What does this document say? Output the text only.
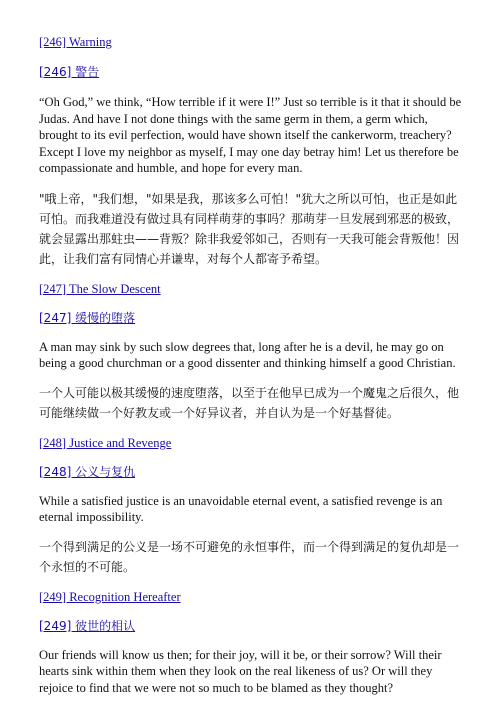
[246] Warning
[246] 警告

“Oh God,” we think, “How terrible if it were I!” Just so terrible is it that it should be Judas. And have I not done things with the same germ in them, a germ which, brought to its evil perfection, would have shown itself the cankerworm, treachery? Except I love my neighbor as myself, I may one day betray him! Let us therefore be compassionate and humble, and hope for every man.

"哦上帝，"我们想，"如果是我，那该多么可怕！"犹大之所以可怕，也正是如此可怕。而我难道没有做过具有同样萌芽的事吗？那萌芽一旦发展到邪恶的极致，就会显露出那蛀虫——背叛？除非我爱邻如己，否则有一天我可能会背叛他！因此，让我们富有同情心并谦卑，对每个人都寄予希望。

[247] The Slow Descent
[247] 缓慢的堕落

A man may sink by such slow degrees that, long after he is a devil, he may go on being a good churchman or a good dissenter and thinking himself a good Christian.

一个人可能以极其缓慢的速度堕落，以至于在他早已成为一个魔鬼之后很久，他可能继续做一个好教友或一个好异议者，并自认为是一个好基督徒。

[248] Justice and Revenge
[248] 公义与复仇

While a satisfied justice is an unavoidable eternal event, a satisfied revenge is an eternal impossibility.

一个得到满足的公义是一场不可避免的永恒事件，而一个得到满足的复仇却是一个永恒的不可能。

[249] Recognition Hereafter
[249] 彼世的相认

Our friends will know us then; for their joy, will it be, or their sorrow? Will their hearts sink within them when they look on the real likeness of us? Or will they rejoice to find that we were not so much to be blamed as they thought?
